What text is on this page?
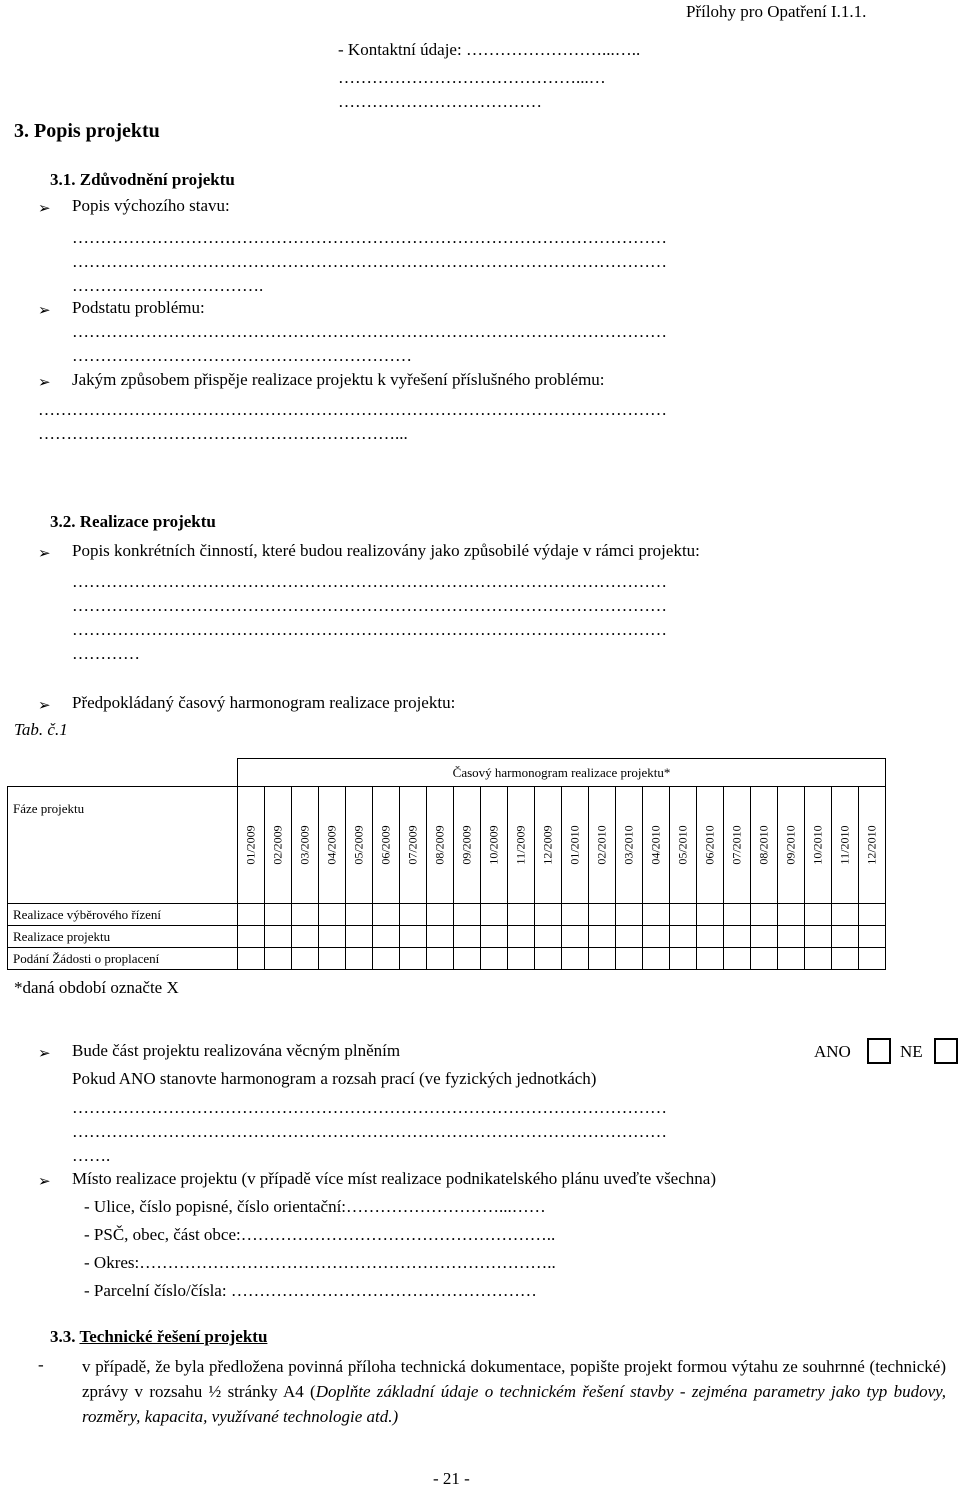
Přílohy pro Opatření I.1.1.
- Kontaktní údaje: ……………………...…..
……………………………………...…
………………………………
3. Popis projektu
3.1. Zdůvodnění projektu
➢ Popis výchozího stavu:
……………………………………………………………………………………………
……………………………………………………………………………………………
…………………………….
➢ Podstatu problému:
……………………………………………………………………………………………
……………………………………………………
➢ Jakým způsobem přispěje realizace projektu k vyřešení příslušného problému:
…………………………………………………………………………………………………
………………………………………………………...
3.2. Realizace projektu
➢ Popis konkrétních činností, které budou realizovány jako způsobilé výdaje v rámci projektu:
……………………………………………………………………………………………
……………………………………………………………………………………………
……………………………………………………………………………………………
…………
➢ Předpokládaný časový harmonogram realizace projektu:
Tab. č.1
	Časový harmonogram realizace projektu*																							
Fáze projektu	01/2009	02/2009	03/2009	04/2009	05/2009	06/2009	07/2009	08/2009	09/2009	10/2009	11/2009	12/2009	01/2010	02/2010	03/2010	04/2010	05/2010	06/2010	07/2010	08/2010	09/2010	10/2010	11/2010	12/2010

Realizace výběrového řízení																								
Realizace projektu																								
Podání Žádosti o proplacení																								
*daná období označte X
➢ Bude část projektu realizována věcným plněním	ANO	NE
Pokud ANO stanovte harmonogram a rozsah prací (ve fyzických jednotkách)
……………………………………………………………………………………………
……………………………………………………………………………………………
…….
➢ Místo realizace projektu (v případě více míst realizace podnikatelského plánu uveďte všechna)
- Ulice, číslo popisné, číslo orientační:………………………...……
- PSČ, obec, část obce:………………………………………………..
- Okres:………………………………………………………………..
- Parcelní číslo/čísla: ………………………………………………
3.3. Technické řešení projektu
- v případě, že byla předložena povinná příloha technická dokumentace, popište projekt formou výtahu ze souhrnné (technické) zprávy v rozsahu ½ stránky A4 (Doplňte základní údaje o technickém řešení stavby - zejména parametry jako typ budovy, rozměry, kapacita, využívané technologie atd.)
- 21 -
